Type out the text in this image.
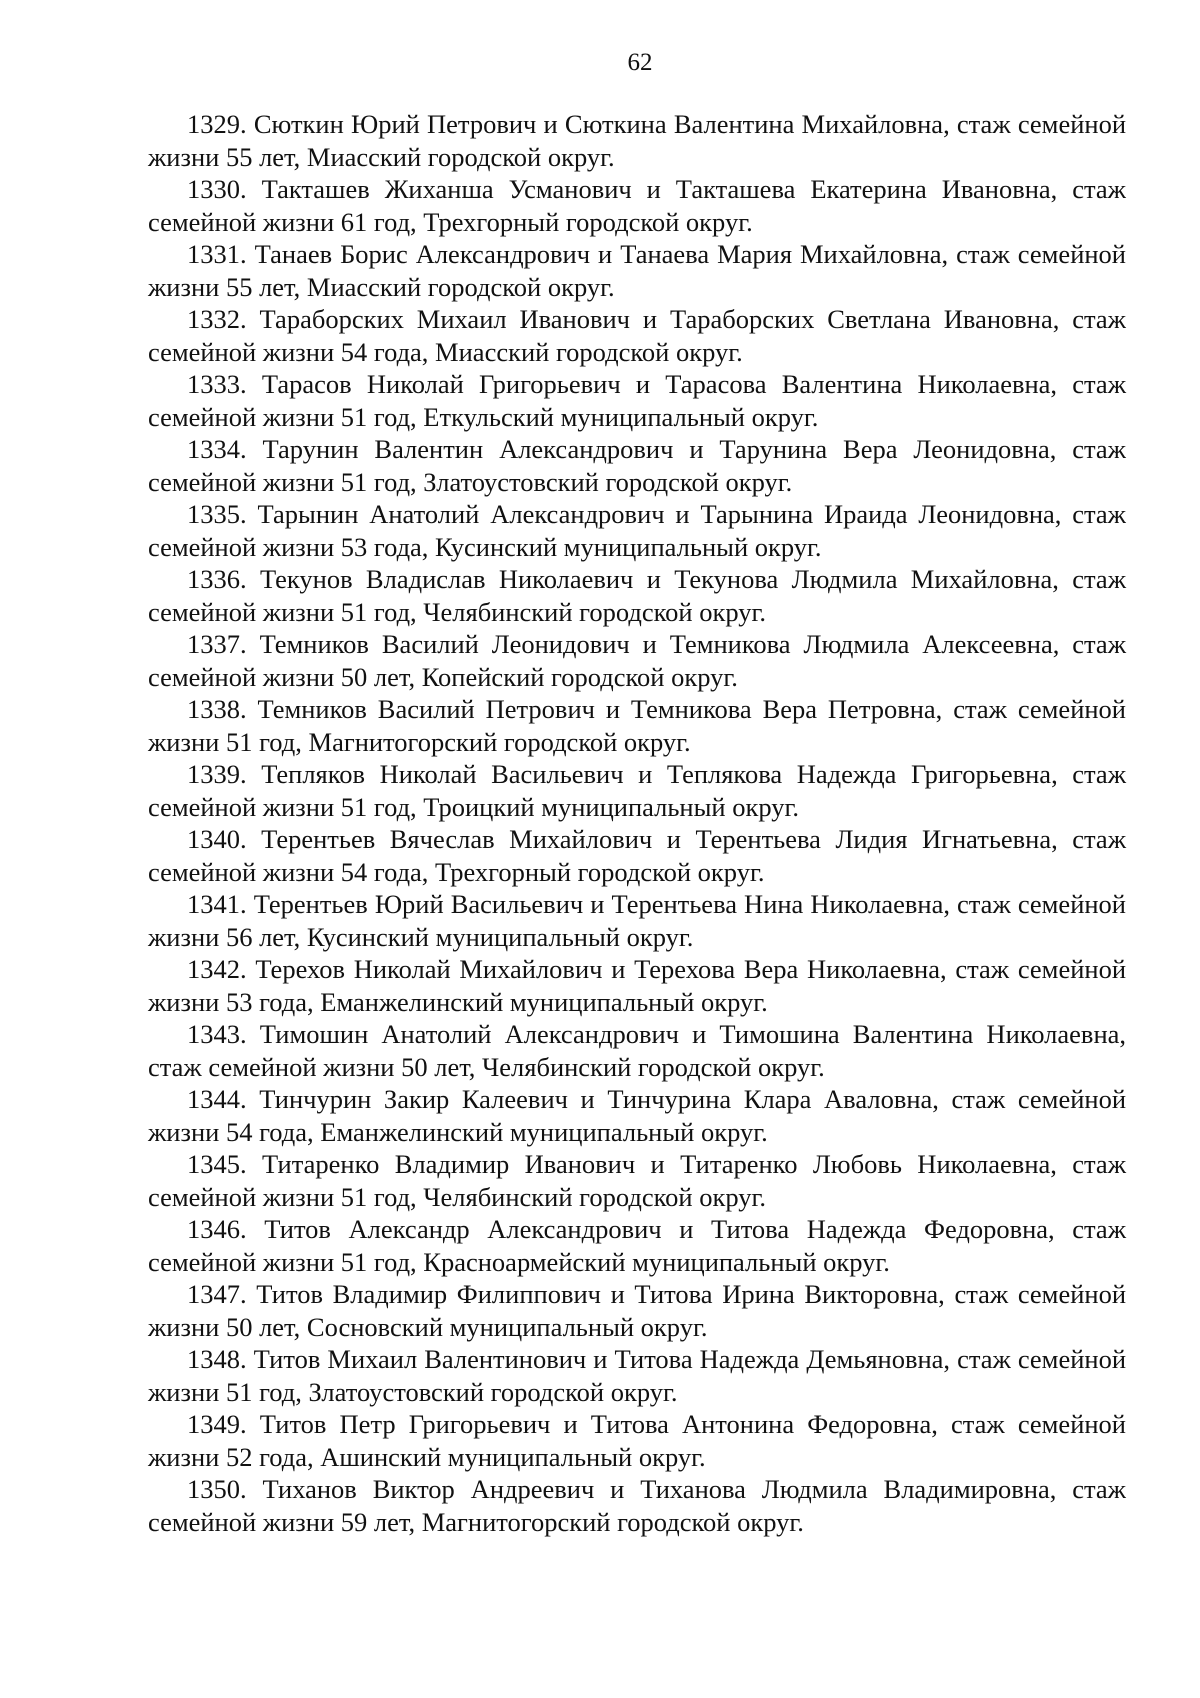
62

1329. Сюткин Юрий Петрович и Сюткина Валентина Михайловна, стаж семейной жизни 55 лет, Миасский городской округ.

1330. Такташев Жиханша Усманович и Такташева Екатерина Ивановна, стаж семейной жизни 61 год, Трехгорный городской округ.

1331. Танаев Борис Александрович и Танаева Мария Михайловна, стаж семейной жизни 55 лет, Миасский городской округ.

1332. Тараборских Михаил Иванович и Тараборских Светлана Ивановна, стаж семейной жизни 54 года, Миасский городской округ.

1333. Тарасов Николай Григорьевич и Тарасова Валентина Николаевна, стаж семейной жизни 51 год, Еткульский муниципальный округ.

1334. Тарунин Валентин Александрович и Тарунина Вера Леонидовна, стаж семейной жизни 51 год, Златоустовский городской округ.

1335. Тарынин Анатолий Александрович и Тарынина Ираида Леонидовна, стаж семейной жизни 53 года, Кусинский муниципальный округ.

1336. Текунов Владислав Николаевич и Текунова Людмила Михайловна, стаж семейной жизни 51 год, Челябинский городской округ.

1337. Темников Василий Леонидович и Темникова Людмила Алексеевна, стаж семейной жизни 50 лет, Копейский городской округ.

1338. Темников Василий Петрович и Темникова Вера Петровна, стаж семейной жизни 51 год, Магнитогорский городской округ.

1339. Тепляков Николай Васильевич и Теплякова Надежда Григорьевна, стаж семейной жизни 51 год, Троицкий муниципальный округ.

1340. Терентьев Вячеслав Михайлович и Терентьева Лидия Игнатьевна, стаж семейной жизни 54 года, Трехгорный городской округ.

1341. Терентьев Юрий Васильевич и Терентьева Нина Николаевна, стаж семейной жизни 56 лет, Кусинский муниципальный округ.

1342. Терехов Николай Михайлович и Терехова Вера Николаевна, стаж семейной жизни 53 года, Еманжелинский муниципальный округ.

1343. Тимошин Анатолий Александрович и Тимошина Валентина Николаевна, стаж семейной жизни 50 лет, Челябинский городской округ.

1344. Тинчурин Закир Калеевич и Тинчурина Клара Аваловна, стаж семейной жизни 54 года, Еманжелинский муниципальный округ.

1345. Титаренко Владимир Иванович и Титаренко Любовь Николаевна, стаж семейной жизни 51 год, Челябинский городской округ.

1346. Титов Александр Александрович и Титова Надежда Федоровна, стаж семейной жизни 51 год, Красноармейский муниципальный округ.

1347. Титов Владимир Филиппович и Титова Ирина Викторовна, стаж семейной жизни 50 лет, Сосновский муниципальный округ.

1348. Титов Михаил Валентинович и Титова Надежда Демьяновна, стаж семейной жизни 51 год, Златоустовский городской округ.

1349. Титов Петр Григорьевич и Титова Антонина Федоровна, стаж семейной жизни 52 года, Ашинский муниципальный округ.

1350. Тиханов Виктор Андреевич и Тиханова Людмила Владимировна, стаж семейной жизни 59 лет, Магнитогорский городской округ.
